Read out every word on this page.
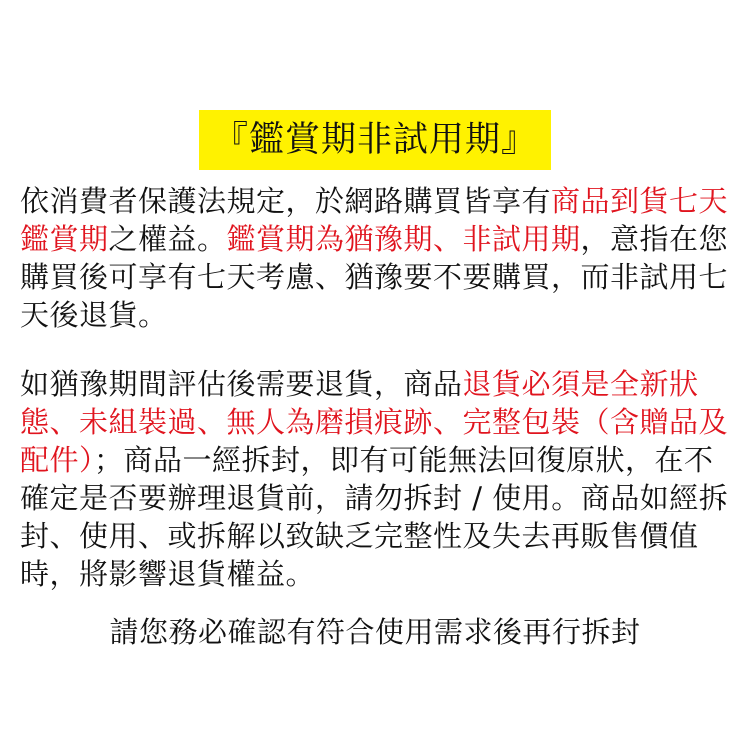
『鑑賞期非試用期』

依消費者保護法規定，於網路購買皆享有商品到貨七天鑑賞期之權益。鑑賞期為猶豫期、非試用期，意指在您購買後可享有七天考慮、猶豫要不要購買，而非試用七天後退貨。

如猶豫期間評估後需要退貨，商品退貨必須是全新狀態、未組裝過、無人為磨損痕跡、完整包裝（含贈品及配件）；商品一經拆封，即有可能無法回復原狀，在不確定是否要辦理退貨前，請勿拆封 / 使用。商品如經拆封、使用、或拆解以致缺乏完整性及失去再販售價值時，將影響退貨權益。

請您務必確認有符合使用需求後再行拆封
